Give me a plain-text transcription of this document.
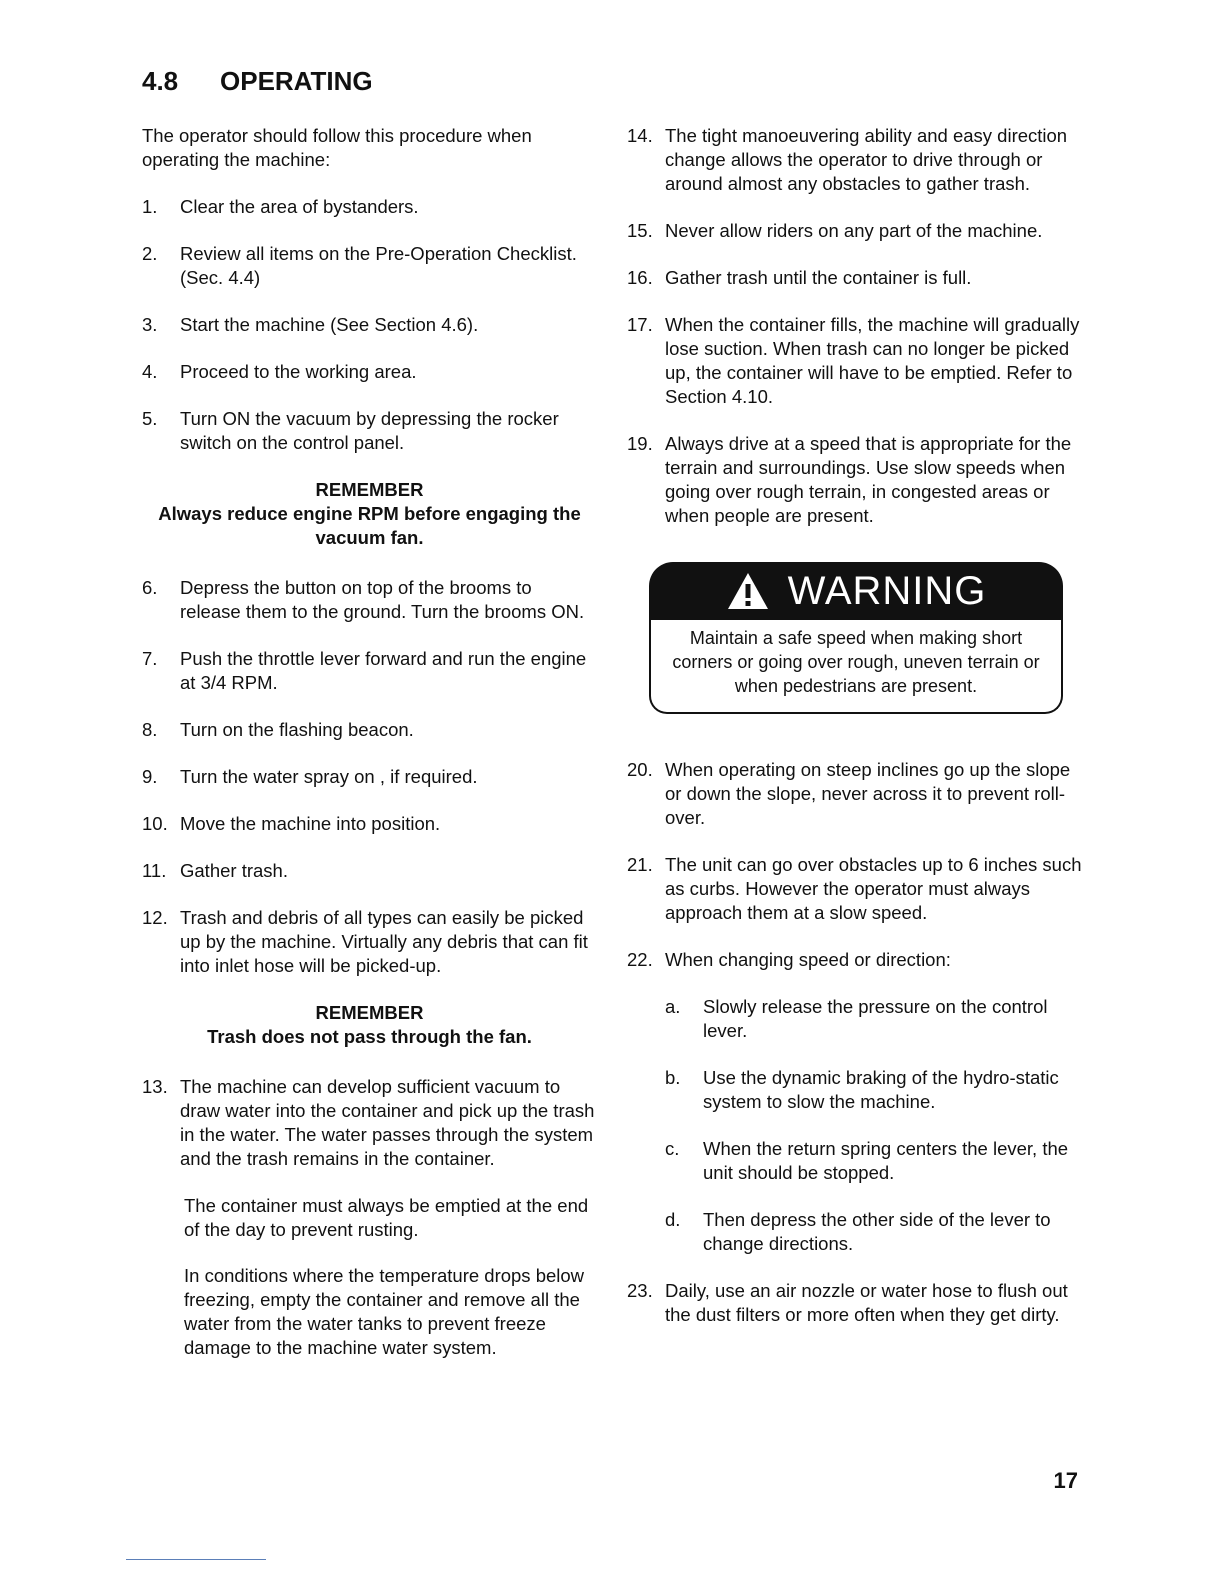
4.8 OPERATING

The operator should follow this procedure when operating the machine:

1.	Clear the area of bystanders.
2.	Review all items on the Pre-Operation Checklist. (Sec. 4.4)
3.	Start the machine (See Section 4.6).
4.	Proceed to the working area.
5.	Turn ON the vacuum by depressing the rocker switch on the control panel.
REMEMBER
Always reduce engine RPM before engaging the vacuum fan.
6.	Depress the button on top of the brooms to release them to the ground. Turn the brooms ON.
7.	Push the throttle lever forward and run the engine at 3/4 RPM.
8.	Turn on the flashing beacon.
9.	Turn the water spray on , if required.
10. Move the machine into position.
11. Gather trash.
12. Trash and debris of all types can easily be picked up by the machine. Virtually any debris that can fit into inlet hose will be picked-up.
REMEMBER
Trash does not pass through the fan.
13. The machine can develop sufficient vacuum to draw water into the container and pick up the trash in the water. The water passes through the system and the trash remains in the container.

The container must always be emptied at the end of the day to prevent rusting.

In conditions where the temperature drops below freezing, empty the container and remove all the water from the water tanks to prevent freeze damage to the machine water system.

14. The tight manoeuvering ability and easy direction change allows the operator to drive through or around almost any obstacles to gather trash.
15. Never allow riders on any part of the machine.
16. Gather trash until the container is full.
17. When the container fills, the machine will gradually lose suction. When trash can no longer be picked up, the container will have to be emptied. Refer to Section 4.10.
19. Always drive at a speed that is appropriate for the terrain and surroundings. Use slow speeds when going over rough terrain, in congested areas or when people are present.
WARNING
Maintain a safe speed when making short corners or going over rough, uneven terrain or when pedestrians are present.
20. When operating on steep inclines go up the slope or down the slope, never across it to prevent roll-over.
21. The unit can go over obstacles up to 6 inches such as curbs. However the operator must always approach them at a slow speed.
22. When changing speed or direction:
a.	Slowly release the pressure on the control lever.
b.	Use the dynamic braking of the hydro-static system to slow the machine.
c.	When the return spring centers the lever, the unit should be stopped.
d.	Then depress the other side of the lever to change directions.
23. Daily, use an air nozzle or water hose to flush out the dust filters or more often when they get dirty.
17
